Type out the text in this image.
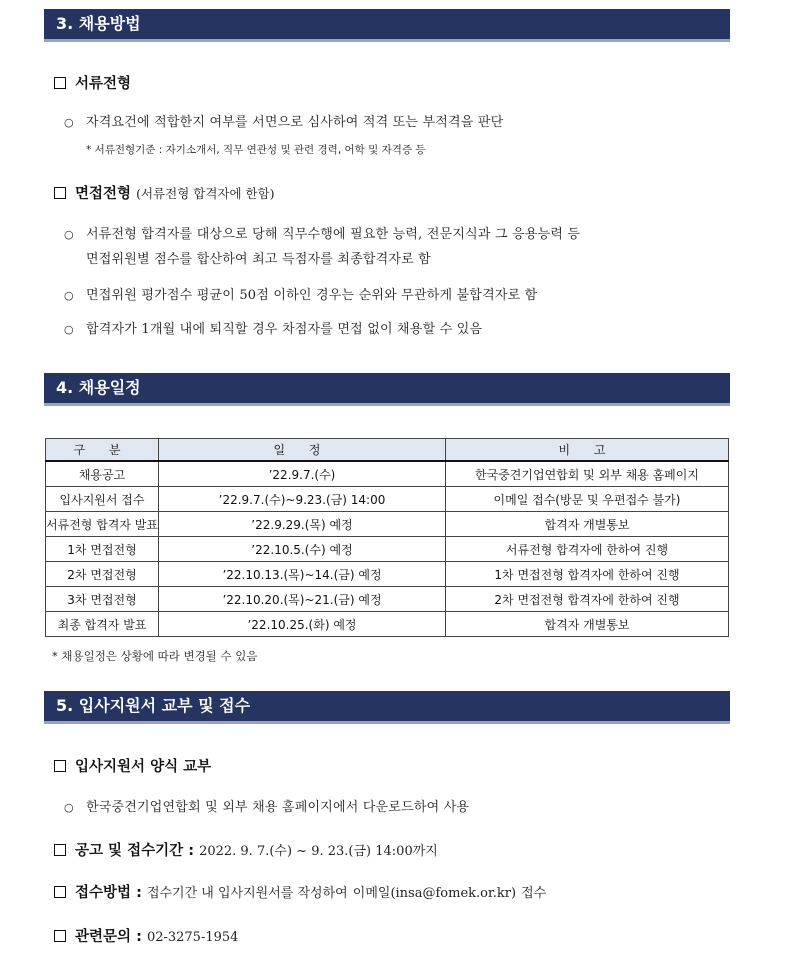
3. 채용방법
서류전형
○ 자격요건에 적합한지 여부를 서면으로 심사하여 적격 또는 부적격을 판단
* 서류전형기준 : 자기소개서, 직무 연관성 및 관련 경력, 어학 및 자격증 등
면접전형 (서류전형 합격자에 한함)
○ 서류전형 합격자를 대상으로 당해 직무수행에 필요한 능력, 전문지식과 그 응용능력 등
면접위원별 점수를 합산하여 최고 득점자를 최종합격자로 함
○ 면접위원 평가점수 평균이 50점 이하인 경우는 순위와 무관하게 불합격자로 함
○ 합격자가 1개월 내에 퇴직할 경우 차점자를 면접 없이 채용할 수 있음
4. 채용일정
구 분	일 정	비 고
채용공고	’22.9.7.(수)	한국중견기업연합회 및 외부 채용 홈페이지
입사지원서 접수	’22.9.7.(수)~9.23.(금) 14:00	이메일 접수(방문 및 우편접수 불가)
서류전형 합격자 발표	’22.9.29.(목) 예정	합격자 개별통보
1차 면접전형	’22.10.5.(수) 예정	서류전형 합격자에 한하여 진행
2차 면접전형	’22.10.13.(목)~14.(금) 예정	1차 면접전형 합격자에 한하여 진행
3차 면접전형	’22.10.20.(목)~21.(금) 예정	2차 면접전형 합격자에 한하여 진행
최종 합격자 발표	’22.10.25.(화) 예정	합격자 개별통보
* 채용일정은 상황에 따라 변경될 수 있음
5. 입사지원서 교부 및 접수
입사지원서 양식 교부
○ 한국중견기업연합회 및 외부 채용 홈페이지에서 다운로드하여 사용
공고 및 접수기간 : 2022. 9. 7.(수) ~ 9. 23.(금) 14:00까지
접수방법 : 접수기간 내 입사지원서를 작성하여 이메일(insa@fomek.or.kr) 접수
관련문의 : 02-3275-1954
